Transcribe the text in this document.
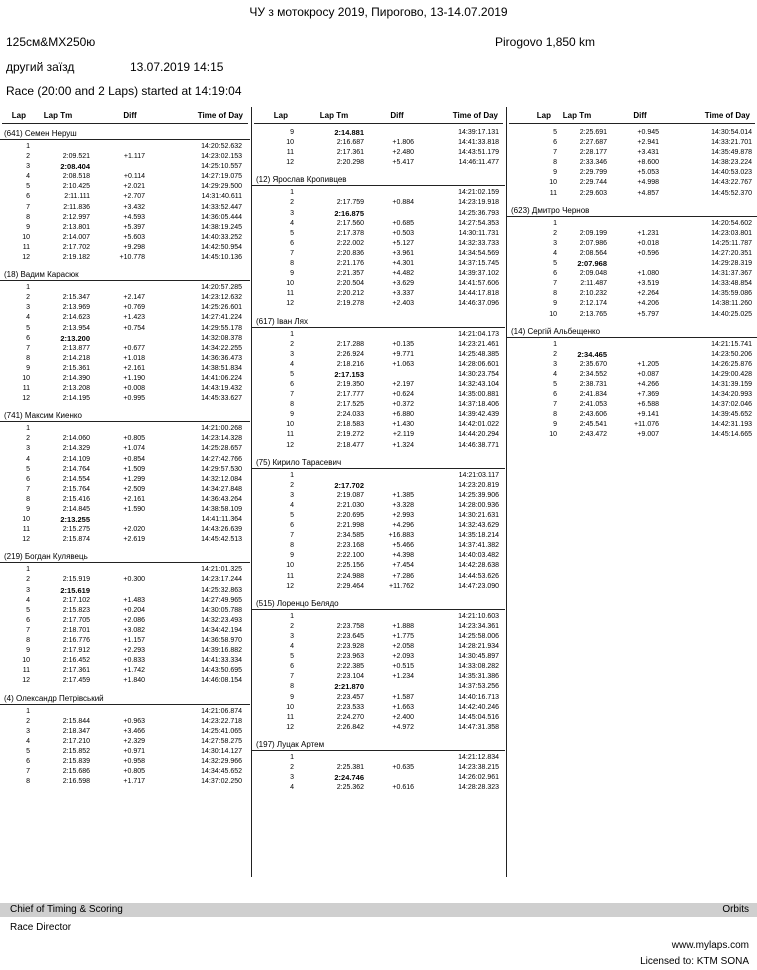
ЧУ з мотокросу 2019, Пирогово, 13-14.07.2019
125см&MX250ю	Pirogovo 1,850 km
другий заїзд	13.07.2019 14:15
Race (20:00 and 2 Laps) started at 14:19:04
Lap	Lap Tm	Diff	Time of Day
(641) Семен Неруш
1	14:20:52.632
2	2:09.521	+1.117	14:23:02.153
3	2:08.404	14:25:10.557
4	2:08.518	+0.114	14:27:19.075
5	2:10.425	+2.021	14:29:29.500
6	2:11.111	+2.707	14:31:40.611
7	2:11.836	+3.432	14:33:52.447
8	2:12.997	+4.593	14:36:05.444
9	2:13.801	+5.397	14:38:19.245
10	2:14.007	+5.603	14:40:33.252
11	2:17.702	+9.298	14:42:50.954
12	2:19.182	+10.778	14:45:10.136
(18) Вадим Карасюк
1	14:20:57.285
2	2:15.347	+2.147	14:23:12.632
3	2:13.969	+0.769	14:25:26.601
4	2:14.623	+1.423	14:27:41.224
5	2:13.954	+0.754	14:29:55.178
6	2:13.200	14:32:08.378
7	2:13.877	+0.677	14:34:22.255
8	2:14.218	+1.018	14:36:36.473
9	2:15.361	+2.161	14:38:51.834
10	2:14.390	+1.190	14:41:06.224
11	2:13.208	+0.008	14:43:19.432
12	2:14.195	+0.995	14:45:33.627
(741) Максим Киенко
1	14:21:00.268
2	2:14.060	+0.805	14:23:14.328
3	2:14.329	+1.074	14:25:28.657
4	2:14.109	+0.854	14:27:42.766
5	2:14.764	+1.509	14:29:57.530
6	2:14.554	+1.299	14:32:12.084
7	2:15.764	+2.509	14:34:27.848
8	2:15.416	+2.161	14:36:43.264
9	2:14.845	+1.590	14:38:58.109
10	2:13.255	14:41:11.364
11	2:15.275	+2.020	14:43:26.639
12	2:15.874	+2.619	14:45:42.513
(219) Богдан Кулявець
1	14:21:01.325
2	2:15.919	+0.300	14:23:17.244
3	2:15.619	14:25:32.863
4	2:17.102	+1.483	14:27:49.965
5	2:15.823	+0.204	14:30:05.788
6	2:17.705	+2.086	14:32:23.493
7	2:18.701	+3.082	14:34:42.194
8	2:16.776	+1.157	14:36:58.970
9	2:17.912	+2.293	14:39:16.882
10	2:16.452	+0.833	14:41:33.334
11	2:17.361	+1.742	14:43:50.695
12	2:17.459	+1.840	14:46:08.154
(4) Олександр Петрівський
1	14:21:06.874
2	2:15.844	+0.963	14:23:22.718
3	2:18.347	+3.466	14:25:41.065
4	2:17.210	+2.329	14:27:58.275
5	2:15.852	+0.971	14:30:14.127
6	2:15.839	+0.958	14:32:29.966
7	2:15.686	+0.805	14:34:45.652
8	2:16.598	+1.717	14:37:02.250
Lap	Lap Tm	Diff	Time of Day
9	2:14.881	14:39:17.131
10	2:16.687	+1.806	14:41:33.818
11	2:17.361	+2.480	14:43:51.179
12	2:20.298	+5.417	14:46:11.477
(12) Ярослав Кропивцев
1	14:21:02.159
2	2:17.759	+0.884	14:23:19.918
3	2:16.875	14:25:36.793
4	2:17.560	+0.685	14:27:54.353
5	2:17.378	+0.503	14:30:11.731
6	2:22.002	+5.127	14:32:33.733
7	2:20.836	+3.961	14:34:54.569
8	2:21.176	+4.301	14:37:15.745
9	2:21.357	+4.482	14:39:37.102
10	2:20.504	+3.629	14:41:57.606
11	2:20.212	+3.337	14:44:17.818
12	2:19.278	+2.403	14:46:37.096
(617) Іван Лях
1	14:21:04.173
2	2:17.288	+0.135	14:23:21.461
3	2:26.924	+9.771	14:25:48.385
4	2:18.216	+1.063	14:28:06.601
5	2:17.153	14:30:23.754
6	2:19.350	+2.197	14:32:43.104
7	2:17.777	+0.624	14:35:00.881
8	2:17.525	+0.372	14:37:18.406
9	2:24.033	+6.880	14:39:42.439
10	2:18.583	+1.430	14:42:01.022
11	2:19.272	+2.119	14:44:20.294
12	2:18.477	+1.324	14:46:38.771
(75) Кирило Тарасевич
1	14:21:03.117
2	2:17.702	14:23:20.819
3	2:19.087	+1.385	14:25:39.906
4	2:21.030	+3.328	14:28:00.936
5	2:20.695	+2.993	14:30:21.631
6	2:21.998	+4.296	14:32:43.629
7	2:34.585	+16.883	14:35:18.214
8	2:23.168	+5.466	14:37:41.382
9	2:22.100	+4.398	14:40:03.482
10	2:25.156	+7.454	14:42:28.638
11	2:24.988	+7.286	14:44:53.626
12	2:29.464	+11.762	14:47:23.090
(515) Лоренцо Белядо
1	14:21:10.603
2	2:23.758	+1.888	14:23:34.361
3	2:23.645	+1.775	14:25:58.006
4	2:23.928	+2.058	14:28:21.934
5	2:23.963	+2.093	14:30:45.897
6	2:22.385	+0.515	14:33:08.282
7	2:23.104	+1.234	14:35:31.386
8	2:21.870	14:37:53.256
9	2:23.457	+1.587	14:40:16.713
10	2:23.533	+1.663	14:42:40.246
11	2:24.270	+2.400	14:45:04.516
12	2:26.842	+4.972	14:47:31.358
(197) Луцак Артем
1	14:21:12.834
2	2:25.381	+0.635	14:23:38.215
3	2:24.746	14:26:02.961
4	2:25.362	+0.616	14:28:28.323
Lap	Lap Tm	Diff	Time of Day
5	2:25.691	+0.945	14:30:54.014
6	2:27.687	+2.941	14:33:21.701
7	2:28.177	+3.431	14:35:49.878
8	2:33.346	+8.600	14:38:23.224
9	2:29.799	+5.053	14:40:53.023
10	2:29.744	+4.998	14:43:22.767
11	2:29.603	+4.857	14:45:52.370
(623) Дмитро Чернов
1	14:20:54.602
2	2:09.199	+1.231	14:23:03.801
3	2:07.986	+0.018	14:25:11.787
4	2:08.564	+0.596	14:27:20.351
5	2:07.968	14:29:28.319
6	2:09.048	+1.080	14:31:37.367
7	2:11.487	+3.519	14:33:48.854
8	2:10.232	+2.264	14:35:59.086
9	2:12.174	+4.206	14:38:11.260
10	2:13.765	+5.797	14:40:25.025
(14) Сергій Альбещенко
1	14:21:15.741
2	2:34.465	14:23:50.206
3	2:35.670	+1.205	14:26:25.876
4	2:34.552	+0.087	14:29:00.428
5	2:38.731	+4.266	14:31:39.159
6	2:41.834	+7.369	14:34:20.993
7	2:41.053	+6.588	14:37:02.046
8	2:43.606	+9.141	14:39:45.652
9	2:45.541	+11.076	14:42:31.193
10	2:43.472	+9.007	14:45:14.665
Chief of Timing & Scoring	Orbits
Race Director
www.mylaps.com
Licensed to: KTM SONA
